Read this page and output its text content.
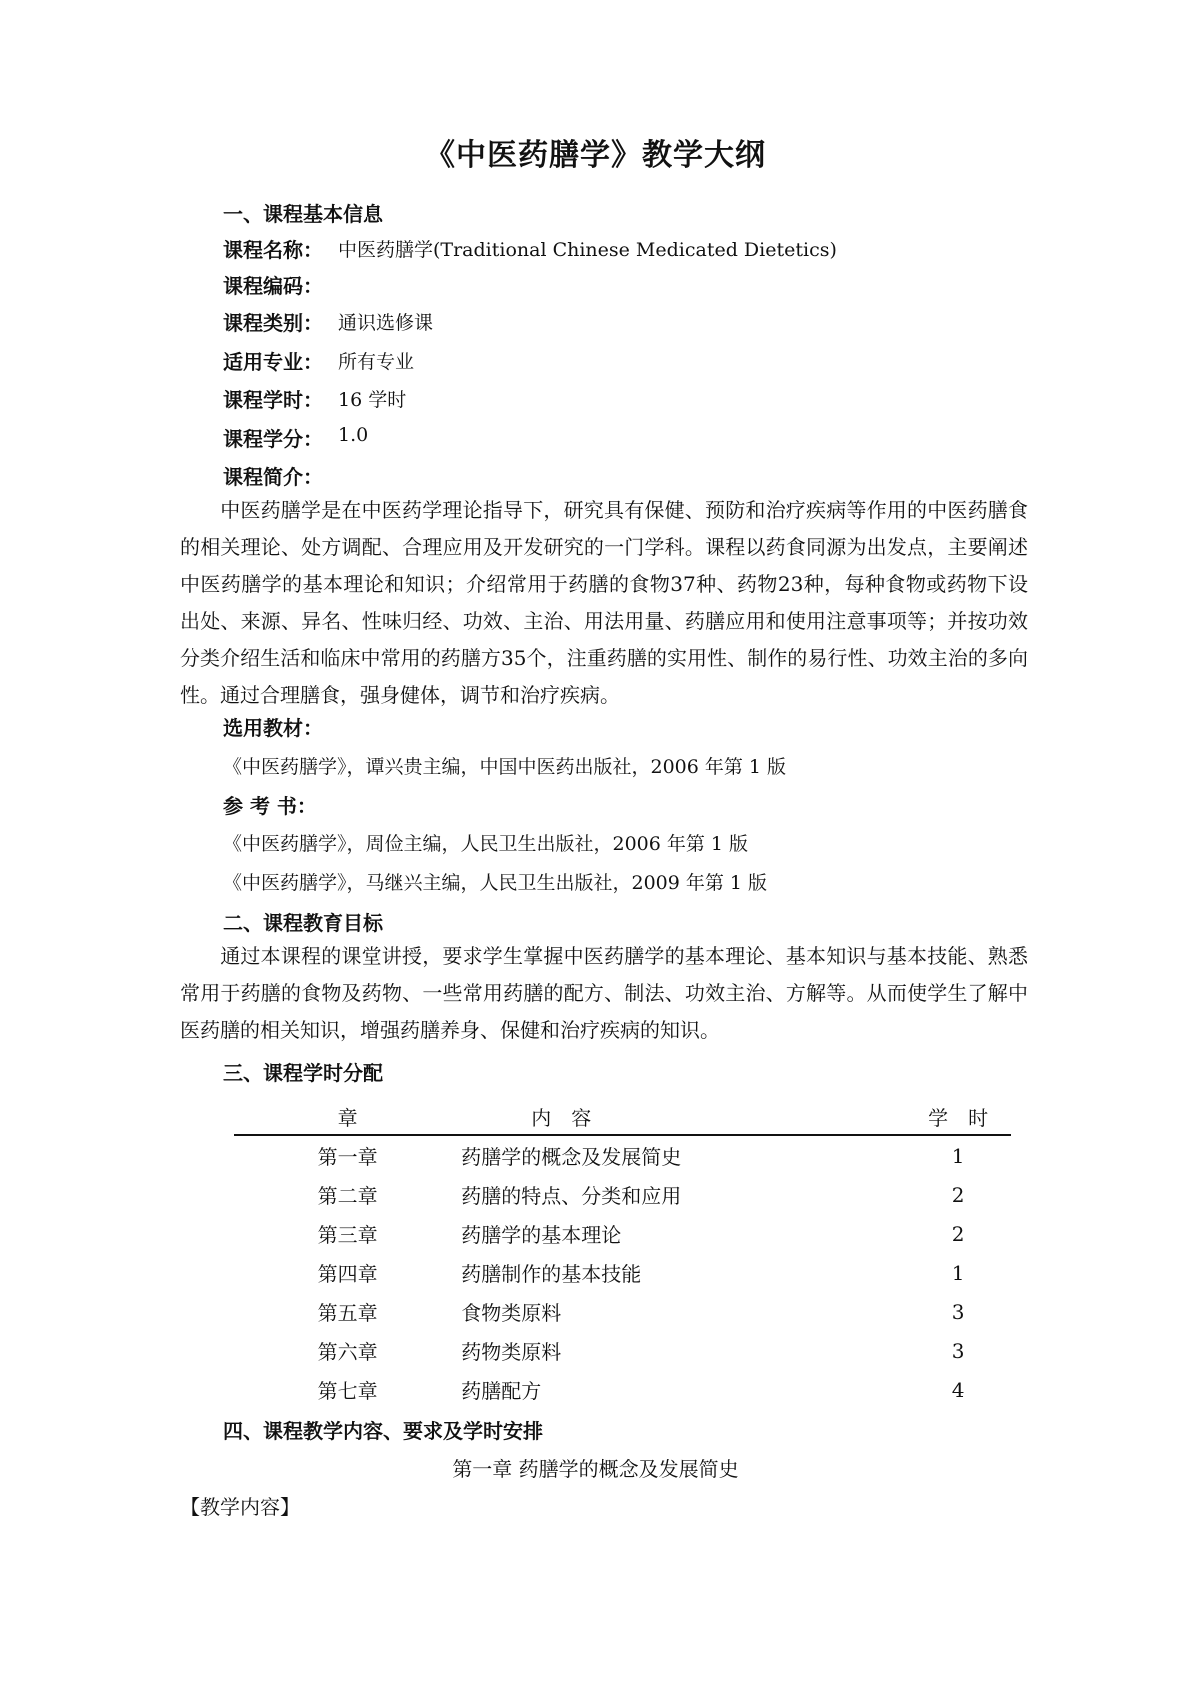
《中医药膳学》教学大纲
一、课程基本信息
课程名称： 中医药膳学(Traditional Chinese Medicated Dietetics)
课程编码：
课程类别： 通识选修课
适用专业： 所有专业
课程学时： 16 学时
课程学分： 1.0
课程简介：
中医药膳学是在中医药学理论指导下，研究具有保健、预防和治疗疾病等作用的中医药膳食的相关理论、处方调配、合理应用及开发研究的一门学科。课程以药食同源为出发点，主要阐述中医药膳学的基本理论和知识；介绍常用于药膳的食物37种、药物23种，每种食物或药物下设出处、来源、异名、性味归经、功效、主治、用法用量、药膳应用和使用注意事项等；并按功效分类介绍生活和临床中常用的药膳方35个，注重药膳的实用性、制作的易行性、功效主治的多向性。通过合理膳食，强身健体，调节和治疗疾病。
选用教材：
《中医药膳学》，谭兴贵主编，中国中医药出版社，2006 年第 1 版
参 考 书：
《中医药膳学》，周俭主编，人民卫生出版社，2006 年第 1 版
《中医药膳学》，马继兴主编，人民卫生出版社，2009 年第 1 版
二、课程教育目标
通过本课程的课堂讲授，要求学生掌握中医药膳学的基本理论、基本知识与基本技能、熟悉常用于药膳的食物及药物、一些常用药膳的配方、制法、功效主治、方解等。从而使学生了解中医药膳的相关知识，增强药膳养身、保健和治疗疾病的知识。
三、课程学时分配
章	内　容	学　时
第一章	药膳学的概念及发展简史	1
第二章	药膳的特点、分类和应用	2
第三章	药膳学的基本理论	2
第四章	药膳制作的基本技能	1
第五章	食物类原料	3
第六章	药物类原料	3
第七章	药膳配方	4
四、课程教学内容、要求及学时安排
第一章 药膳学的概念及发展简史
【教学内容】
